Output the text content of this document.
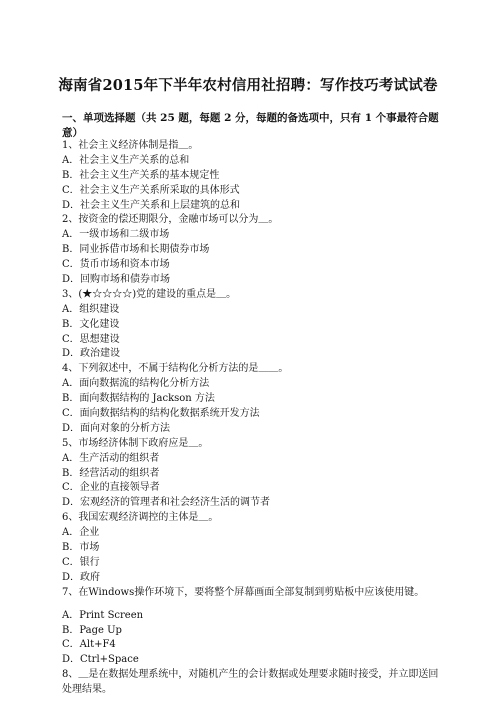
海南省2015年下半年农村信用社招聘：写作技巧考试试卷
一、单项选择题（共 25 题，每题 2 分，每题的备选项中，只有 1 个事最符合题意）
1、社会主义经济体制是指＿。
A．社会主义生产关系的总和
B．社会主义生产关系的基本规定性
C．社会主义生产关系所采取的具体形式
D．社会主义生产关系和上层建筑的总和
2、按资金的偿还期限分，金融市场可以分为＿。
A．一级市场和二级市场
B．同业拆借市场和长期债券市场
C．货币市场和资本市场
D．回购市场和债券市场
3、(★☆☆☆☆)党的建设的重点是＿。
A．组织建设
B．文化建设
C．思想建设
D．政治建设
4、下列叙述中，不属于结构化分析方法的是＿＿。
A．面向数据流的结构化分析方法
B．面向数据结构的 Jackson 方法
C．面向数据结构的结构化数据系统开发方法
D．面向对象的分析方法
5、市场经济体制下政府应是＿。
A．生产活动的组织者
B．经营活动的组织者
C．企业的直接领导者
D．宏观经济的管理者和社会经济生活的调节者
6、我国宏观经济调控的主体是＿。
A．企业
B．市场
C．银行
D．政府
7、在Windows操作环境下，要将整个屏幕画面全部复制到剪贴板中应该使用键。
A．Print Screen
B．Page Up
C．Alt+F4
D．Ctrl+Space
8、＿是在数据处理系统中，对随机产生的会计数据或处理要求随时接受，并立即送回处理结果。
